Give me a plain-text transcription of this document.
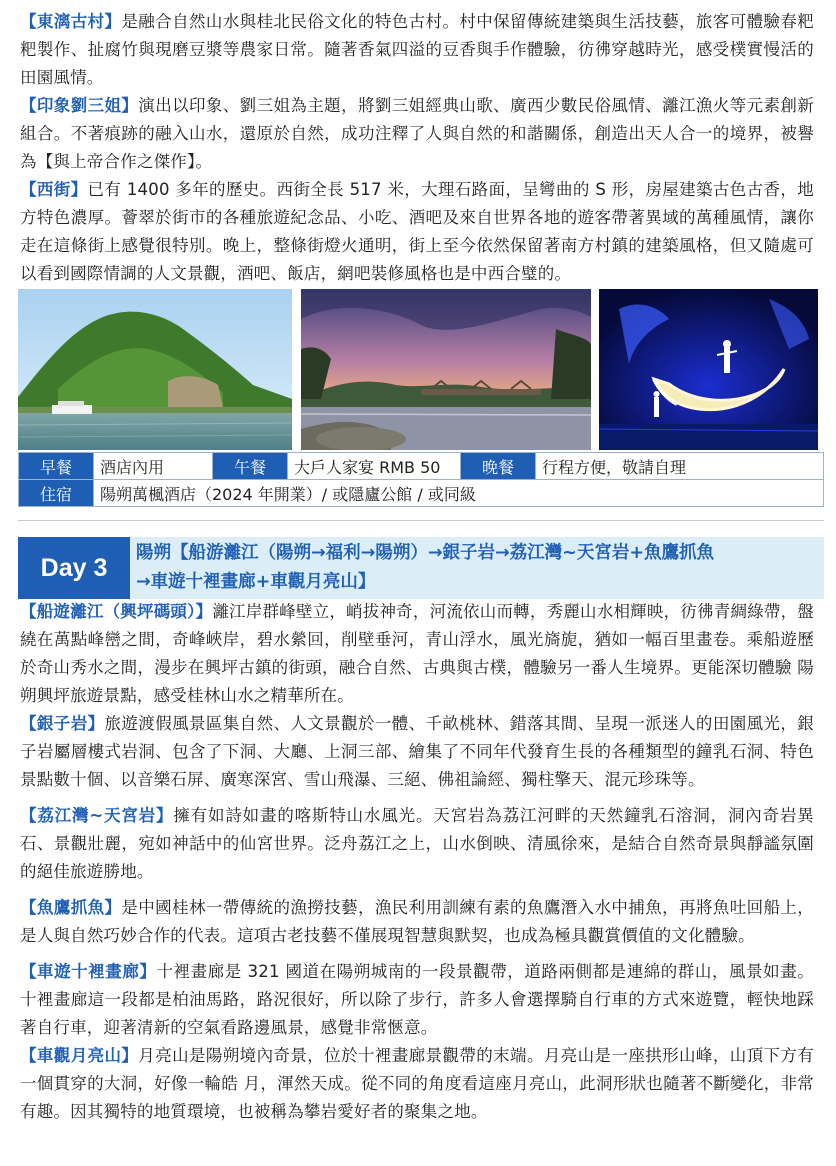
【東漓古村】是融合自然山水與桂北民俗文化的特色古村。村中保留傳統建築與生活技藝，旅客可體驗春粑粑製作、扯腐竹與現磨豆漿等農家日常。隨著香氣四溢的豆香與手作體驗，彷彿穿越時光，感受樸實慢活的田園風情。

【印象劉三姐】演出以印象、劉三姐為主題，將劉三姐經典山歌、廣西少數民俗風情、灕江漁火等元素創新組合。不著痕跡的融入山水，還原於自然，成功注釋了人與自然的和諧關係，創造出天人合一的境界，被譽為【與上帝合作之傑作】。

【西街】已有 1400 多年的歷史。西街全長 517 米，大理石路面，呈彎曲的 S 形，房屋建築古色古香，地方特色濃厚。薈翠於街市的各種旅遊紀念品、小吃、酒吧及來自世界各地的遊客帶著異域的萬種風情，讓你走在這條街上感覺很特別。晚上，整條街燈火通明，街上至今依然保留著南方村鎮的建築風格，但又隨處可以看到國際情調的人文景觀，酒吧、飯店，網吧裝修風格也是中西合璧的。

早餐	酒店內用	午餐	大戶人家宴 RMB 50	晚餐	行程方便，敬請自理
住宿	陽朔萬楓酒店（2024 年開業）/ 或隱廬公館 / 或同級				
Day 3
陽朔【船游灕江（陽朔→福利→陽朔）→銀子岩→荔江灣~天宮岩+魚鷹抓魚
→車遊十裡畫廊+車觀月亮山】

【船遊灕江（興坪碼頭）】灕江岸群峰壁立，峭拔神奇，河流依山而轉，秀麗山水相輝映，彷彿青綢綠帶，盤繞在萬點峰巒之間，奇峰峽岸，碧水縈回，削壁垂河，青山浮水，風光旖旎，猶如一幅百里畫卷。乘船遊歷於奇山秀水之間，漫步在興坪古鎮的街頭，融合自然、古典與古樸，體驗另一番人生境界。更能深切體驗 陽朔興坪旅遊景點，感受桂林山水之精華所在。

【銀子岩】旅遊渡假風景區集自然、人文景觀於一體、千畝桃林、錯落其間、呈現一派迷人的田園風光，銀子岩屬層樓式岩洞、包含了下洞、大廳、上洞三部、繪集了不同年代發育生長的各種類型的鐘乳石洞、特色景點數十個、以音樂石屏、廣寒深宮、雪山飛瀑、三絕、佛祖論經、獨柱擎天、混元珍珠等。

【荔江灣~天宮岩】擁有如詩如畫的喀斯特山水風光。天宮岩為荔江河畔的天然鐘乳石溶洞，洞內奇岩異石、景觀壯麗，宛如神話中的仙宮世界。泛舟荔江之上，山水倒映、清風徐來，是結合自然奇景與靜謐氛圍的絕佳旅遊勝地。

【魚鷹抓魚】是中國桂林一帶傳統的漁撈技藝，漁民利用訓練有素的魚鷹潛入水中捕魚，再將魚吐回船上，是人與自然巧妙合作的代表。這項古老技藝不僅展現智慧與默契，也成為極具觀賞價值的文化體驗。

【車遊十裡畫廊】十裡畫廊是 321 國道在陽朔城南的一段景觀帶，道路兩側都是連綿的群山，風景如畫。十裡畫廊這一段都是柏油馬路，路況很好，所以除了步行，許多人會選擇騎自行車的方式來遊覽，輕快地踩著自行車，迎著清新的空氣看路邊風景，感覺非常愜意。

【車觀月亮山】月亮山是陽朔境內奇景，位於十裡畫廊景觀帶的末端。月亮山是一座拱形山峰，山頂下方有一個貫穿的大洞，好像一輪皓 月，渾然天成。從不同的角度看這座月亮山，此洞形狀也隨著不斷變化，非常有趣。因其獨特的地質環境，也被稱為攀岩愛好者的聚集之地。
